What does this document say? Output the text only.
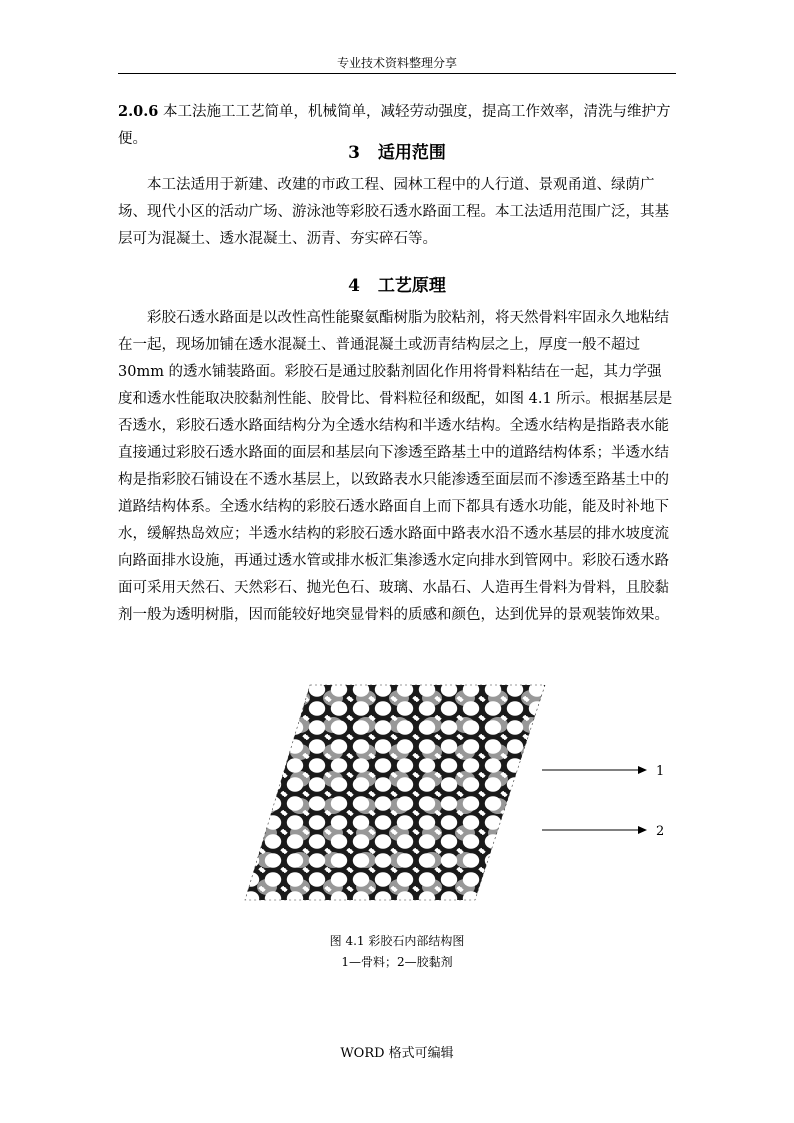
专业技术资料整理分享

2.0.6 本工法施工工艺简单，机械简单，减轻劳动强度，提高工作效率，清洗与维护方便。

3 适用范围

本工法适用于新建、改建的市政工程、园林工程中的人行道、景观甬道、绿荫广场、现代小区的活动广场、游泳池等彩胶石透水路面工程。本工法适用范围广泛，其基层可为混凝土、透水混凝土、沥青、夯实碎石等。

4 工艺原理

彩胶石透水路面是以改性高性能聚氨酯树脂为胶粘剂，将天然骨料牢固永久地粘结在一起，现场加铺在透水混凝土、普通混凝土或沥青结构层之上，厚度一般不超过 30mm 的透水铺装路面。彩胶石是通过胶黏剂固化作用将骨料粘结在一起，其力学强度和透水性能取决胶黏剂性能、胶骨比、骨料粒径和级配，如图 4.1 所示。根据基层是否透水，彩胶石透水路面结构分为全透水结构和半透水结构。全透水结构是指路表水能直接通过彩胶石透水路面的面层和基层向下渗透至路基土中的道路结构体系；半透水结构是指彩胶石铺设在不透水基层上，以致路表水只能渗透至面层而不渗透至路基土中的道路结构体系。全透水结构的彩胶石透水路面自上而下都具有透水功能，能及时补地下水，缓解热岛效应；半透水结构的彩胶石透水路面中路表水沿不透水基层的排水坡度流向路面排水设施，再通过透水管或排水板汇集渗透水定向排水到管网中。彩胶石透水路面可采用天然石、天然彩石、抛光色石、玻璃、水晶石、人造再生骨料为骨料，且胶黏剂一般为透明树脂，因而能较好地突显骨料的质感和颜色，达到优异的景观装饰效果。

1
2

图 4.1 彩胶石内部结构图

1—骨料；2—胶黏剂

WORD 格式可编辑
